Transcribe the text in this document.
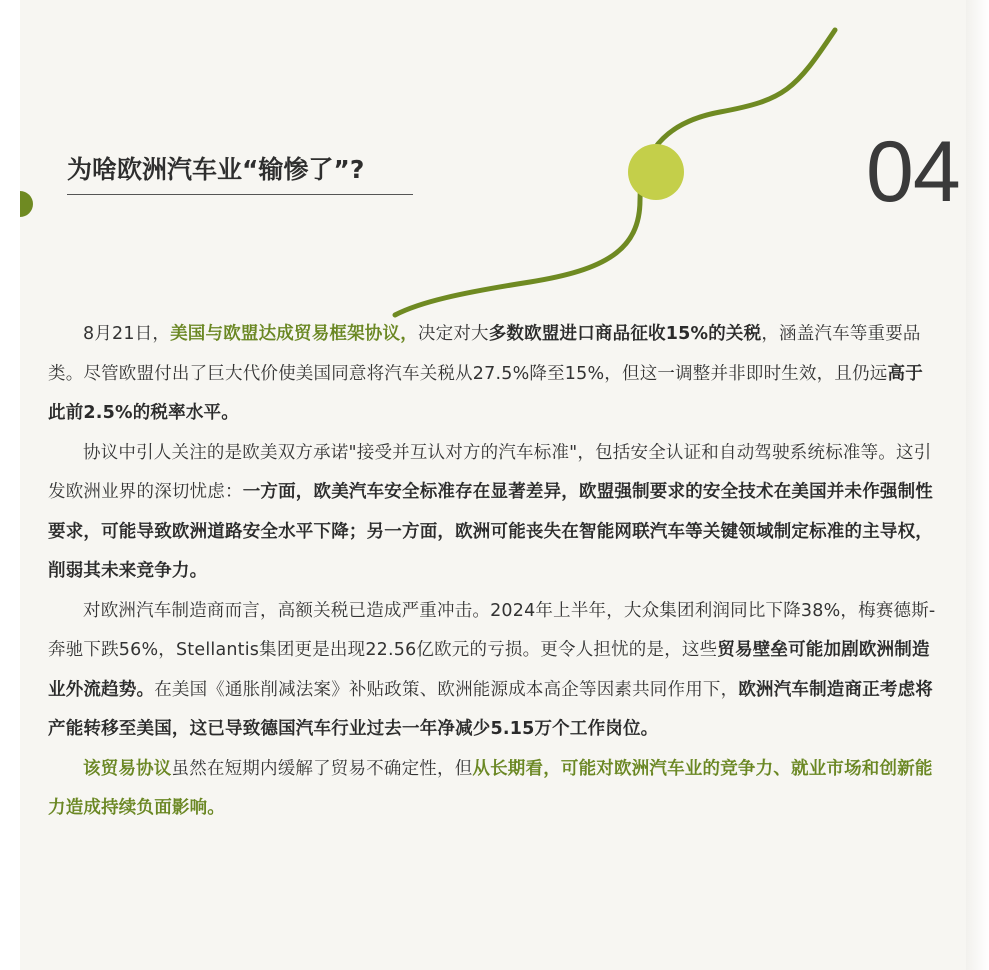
04
为啥欧洲汽车业“输惨了”?

8月21日，美国与欧盟达成贸易框架协议，决定对大多数欧盟进口商品征收15%的关税，涵盖汽车等重要品类。尽管欧盟付出了巨大代价使美国同意将汽车关税从27.5%降至15%，但这一调整并非即时生效，且仍远高于此前2.5%的税率水平。

协议中引人关注的是欧美双方承诺"接受并互认对方的汽车标准"，包括安全认证和自动驾驶系统标准等。这引发欧洲业界的深切忧虑：一方面，欧美汽车安全标准存在显著差异，欧盟强制要求的安全技术在美国并未作强制性要求，可能导致欧洲道路安全水平下降；另一方面，欧洲可能丧失在智能网联汽车等关键领域制定标准的主导权，削弱其未来竞争力。

对欧洲汽车制造商而言，高额关税已造成严重冲击。2024年上半年，大众集团利润同比下降38%，梅赛德斯-奔驰下跌56%，Stellantis集团更是出现22.56亿欧元的亏损。更令人担忧的是，这些贸易壁垒可能加剧欧洲制造业外流趋势。在美国《通胀削减法案》补贴政策、欧洲能源成本高企等因素共同作用下，欧洲汽车制造商正考虑将产能转移至美国，这已导致德国汽车行业过去一年净减少5.15万个工作岗位。

该贸易协议虽然在短期内缓解了贸易不确定性，但从长期看，可能对欧洲汽车业的竞争力、就业市场和创新能力造成持续负面影响。
